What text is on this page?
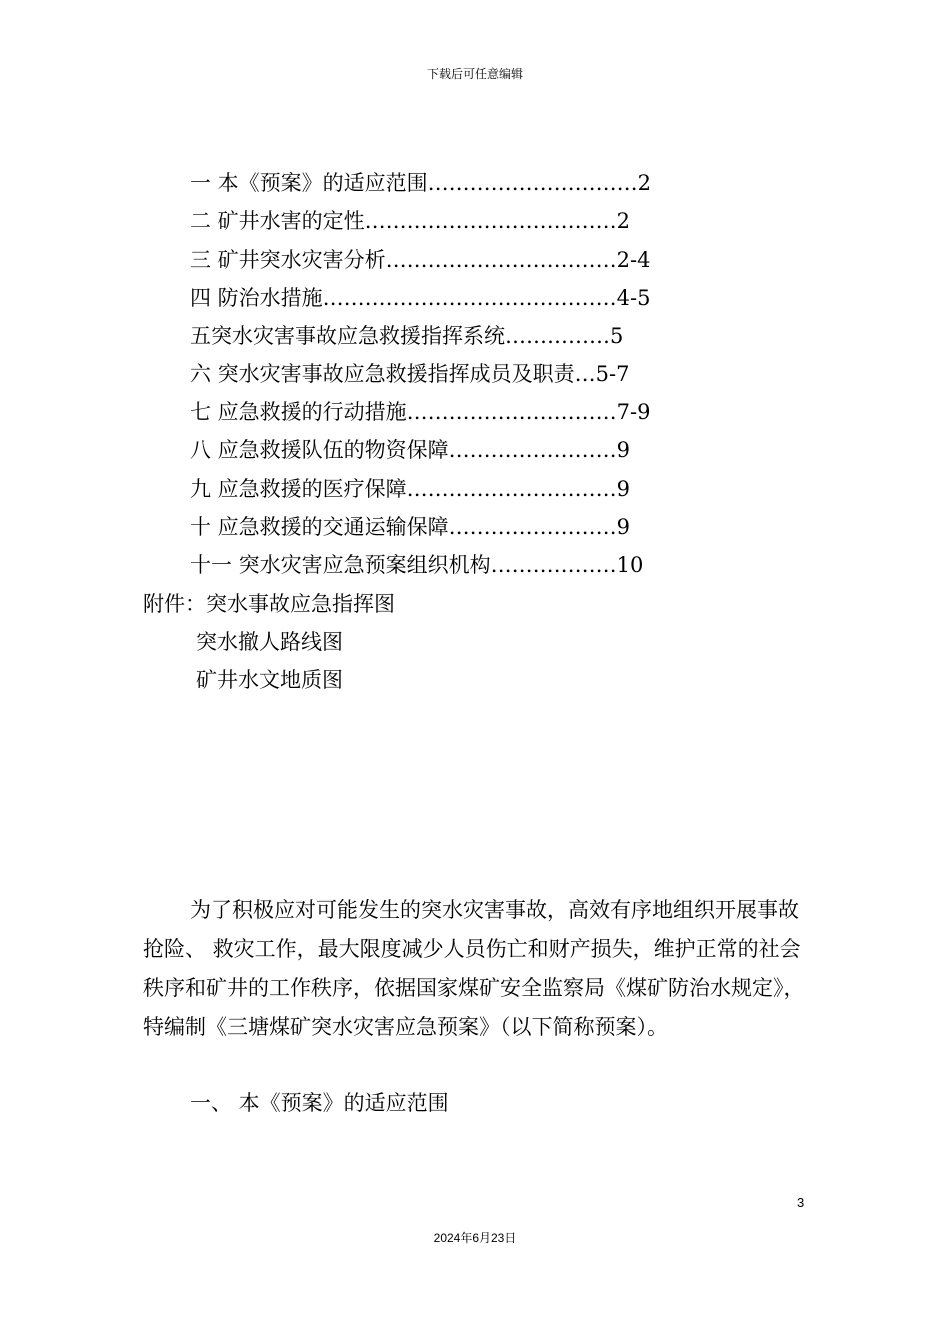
下载后可任意编辑
一 本《预案》的适应范围…………………………2
二 矿井水害的定性………………………………2
三 矿井突水灾害分析……………………………2-4
四 防治水措施……………………………………4-5
五突水灾害事故应急救援指挥系统……………5
六 突水灾害事故应急救援指挥成员及职责…5-7
七 应急救援的行动措施…………………………7-9
八 应急救援队伍的物资保障……………………9
九 应急救援的医疗保障…………………………9
十 应急救援的交通运输保障……………………9
十一 突水灾害应急预案组织机构………………10
附件：突水事故应急指挥图
突水撤人路线图
矿井水文地质图

为了积极应对可能发生的突水灾害事故，高效有序地组织开展事故抢险、 救灾工作，最大限度减少人员伤亡和财产损失，维护正常的社会秩序和矿井的工作秩序，依据国家煤矿安全监察局《煤矿防治水规定》， 特编制《三塘煤矿突水灾害应急预案》（以下简称预案）。

一、 本《预案》的适应范围
3
2024年6月23日
